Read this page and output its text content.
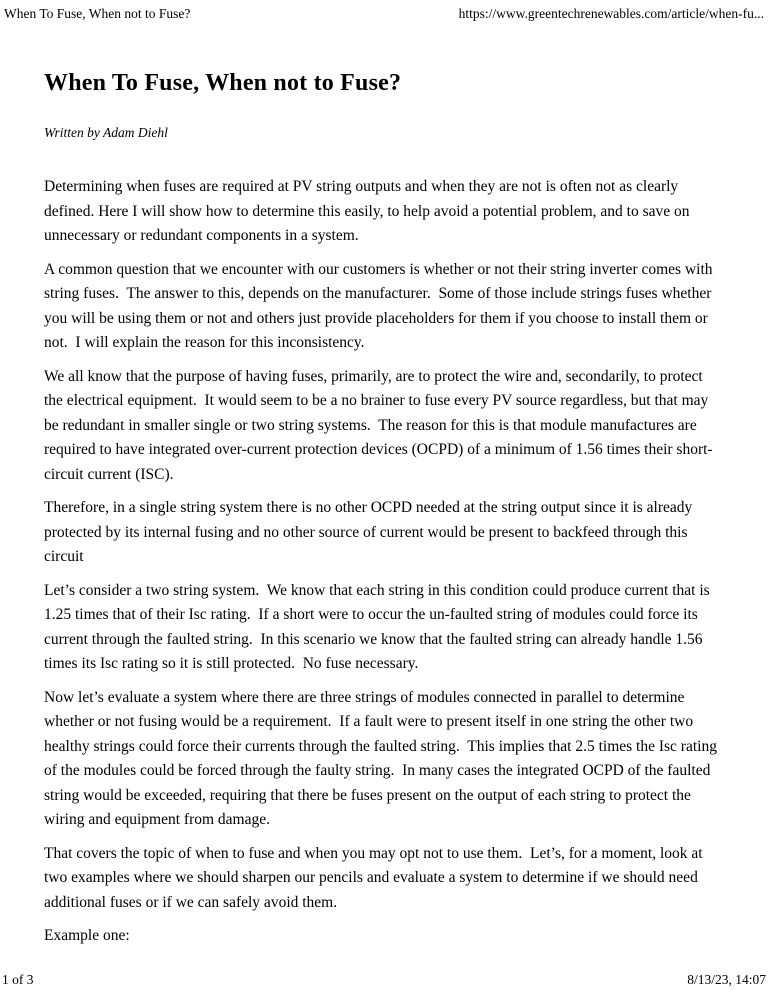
When To Fuse, When not to Fuse?	https://www.greentechrenewables.com/article/when-fu...
When To Fuse, When not to Fuse?
Written by Adam Diehl

Determining when fuses are required at PV string outputs and when they are not is often not as clearly defined. Here I will show how to determine this easily, to help avoid a potential problem, and to save on unnecessary or redundant components in a system.

A common question that we encounter with our customers is whether or not their string inverter comes with string fuses.  The answer to this, depends on the manufacturer.  Some of those include strings fuses whether you will be using them or not and others just provide placeholders for them if you choose to install them or not.  I will explain the reason for this inconsistency.

We all know that the purpose of having fuses, primarily, are to protect the wire and, secondarily, to protect the electrical equipment.  It would seem to be a no brainer to fuse every PV source regardless, but that may be redundant in smaller single or two string systems.  The reason for this is that module manufactures are required to have integrated over-current protection devices (OCPD) of a minimum of 1.56 times their short-circuit current (ISC).

Therefore, in a single string system there is no other OCPD needed at the string output since it is already protected by its internal fusing and no other source of current would be present to backfeed through this circuit

Let’s consider a two string system.  We know that each string in this condition could produce current that is 1.25 times that of their Isc rating.  If a short were to occur the un-faulted string of modules could force its current through the faulted string.  In this scenario we know that the faulted string can already handle 1.56 times its Isc rating so it is still protected.  No fuse necessary.

Now let’s evaluate a system where there are three strings of modules connected in parallel to determine whether or not fusing would be a requirement.  If a fault were to present itself in one string the other two healthy strings could force their currents through the faulted string.  This implies that 2.5 times the Isc rating of the modules could be forced through the faulty string.  In many cases the integrated OCPD of the faulted string would be exceeded, requiring that there be fuses present on the output of each string to protect the wiring and equipment from damage.

That covers the topic of when to fuse and when you may opt not to use them.  Let’s, for a moment, look at two examples where we should sharpen our pencils and evaluate a system to determine if we should need additional fuses or if we can safely avoid them.

Example one:

1 of 3	8/13/23, 14:07
